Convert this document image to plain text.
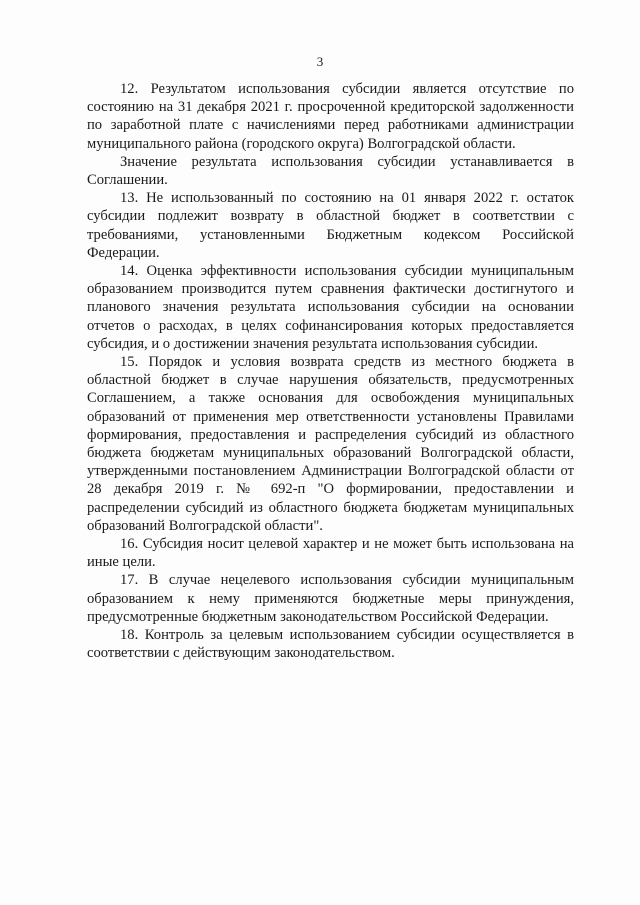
3

12. Результатом использования субсидии является отсутствие по состоянию на 31 декабря 2021 г. просроченной кредиторской задолженности по заработной плате с начислениями перед работниками администрации муниципального района (городского округа) Волгоградской области.

Значение результата использования субсидии устанавливается в Соглашении.

13. Не использованный по состоянию на 01 января 2022 г. остаток субсидии подлежит возврату в областной бюджет в соответствии с требованиями, установленными Бюджетным кодексом Российской Федерации.

14. Оценка эффективности использования субсидии муниципальным образованием производится путем сравнения фактически достигнутого и планового значения результата использования субсидии на основании отчетов о расходах, в целях софинансирования которых предоставляется субсидия, и о достижении значения результата использования субсидии.

15. Порядок и условия возврата средств из местного бюджета в областной бюджет в случае нарушения обязательств, предусмотренных Соглашением, а также основания для освобождения муниципальных образований от применения мер ответственности установлены Правилами формирования, предоставления и распределения субсидий из областного бюджета бюджетам муниципальных образований Волгоградской области, утвержденными постановлением Администрации Волгоградской области от 28 декабря 2019 г. № 692-п "О формировании, предоставлении и распределении субсидий из областного бюджета бюджетам муниципальных образований Волгоградской области".

16. Субсидия носит целевой характер и не может быть использована на иные цели.

17. В случае нецелевого использования субсидии муниципальным образованием к нему применяются бюджетные меры принуждения, предусмотренные бюджетным законодательством Российской Федерации.

18. Контроль за целевым использованием субсидии осуществляется в соответствии с действующим законодательством.
